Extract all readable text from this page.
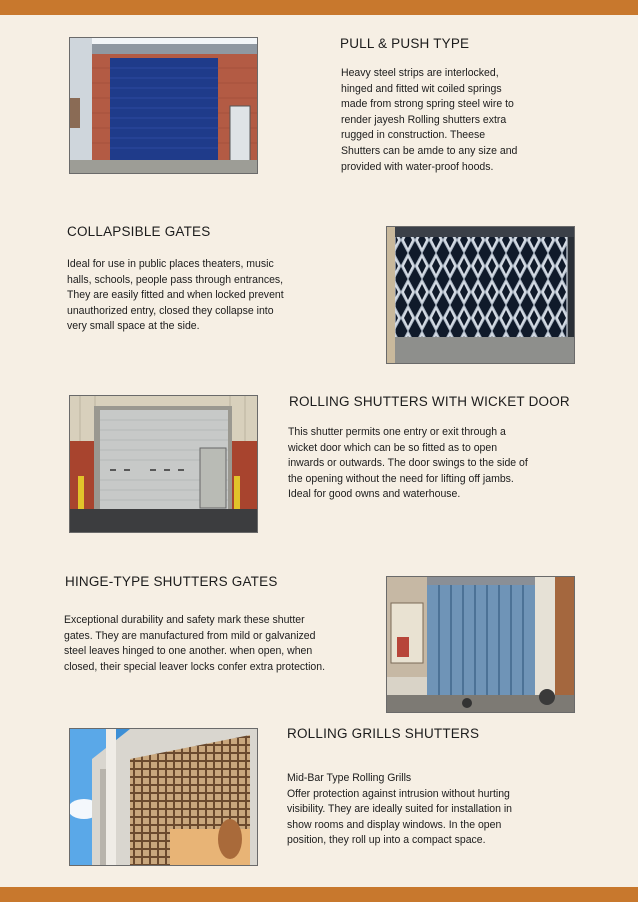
PULL & PUSH TYPE
Heavy steel strips are interlocked,
hinged and fitted wit coiled springs
made from strong spring steel wire to
render jayesh Rolling shutters extra
rugged in construction. Theese
Shutters can be amde to any size and
provided with water-proof hoods.
COLLAPSIBLE GATES
Ideal for use in public places theaters, music
halls, schools, people pass through entrances,
They are easily fitted and when locked prevent
unauthorized entry, closed they collapse into
very small space at the side.
ROLLING SHUTTERS WITH WICKET DOOR
This shutter permits one entry or exit through a
wicket door which can be so fitted as to open
inwards or outwards. The door swings to the side of
the opening without the need for lifting off jambs.
Ideal for good owns and waterhouse.
HINGE-TYPE SHUTTERS GATES
Exceptional durability and safety mark these shutter
gates. They are manufactured from mild or galvanized
steel leaves hinged to one another. when open, when
closed, their special leaver locks confer extra protection.
ROLLING GRILLS SHUTTERS
Mid-Bar Type Rolling Grills
Offer protection against intrusion without hurting
visibility. They are ideally suited for installation in
show rooms and display windows. In the open
position, they roll up into a compact space.
